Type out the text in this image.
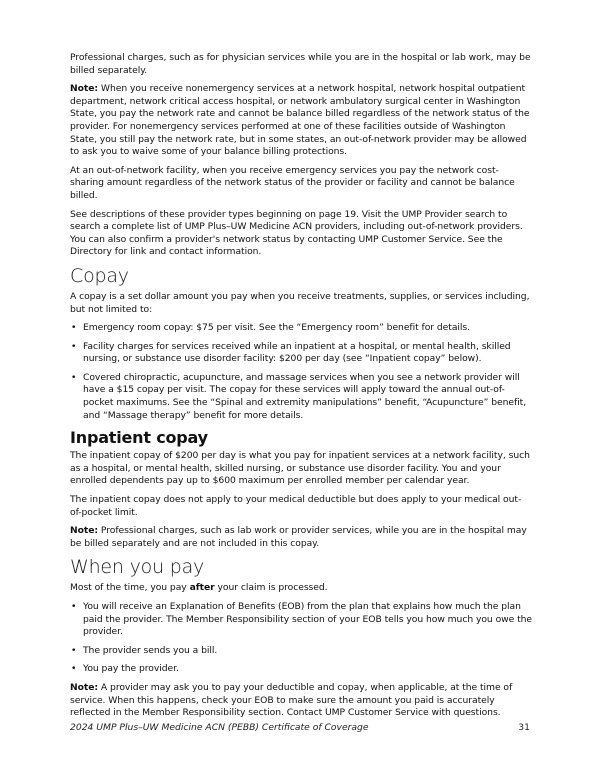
Professional charges, such as for physician services while you are in the hospital or lab work, may be billed separately.

Note: When you receive nonemergency services at a network hospital, network hospital outpatient department, network critical access hospital, or network ambulatory surgical center in Washington State, you pay the network rate and cannot be balance billed regardless of the network status of the provider. For nonemergency services performed at one of these facilities outside of Washington State, you still pay the network rate, but in some states, an out-of-network provider may be allowed to ask you to waive some of your balance billing protections.

At an out-of-network facility, when you receive emergency services you pay the network cost-sharing amount regardless of the network status of the provider or facility and cannot be balance billed.

See descriptions of these provider types beginning on page 19. Visit the UMP Provider search to search a complete list of UMP Plus–UW Medicine ACN providers, including out-of-network providers. You can also confirm a provider's network status by contacting UMP Customer Service. See the Directory for link and contact information.

Copay

A copay is a set dollar amount you pay when you receive treatments, supplies, or services including, but not limited to:

• Emergency room copay: $75 per visit. See the “Emergency room” benefit for details.
• Facility charges for services received while an inpatient at a hospital, or mental health, skilled nursing, or substance use disorder facility: $200 per day (see “Inpatient copay” below).
• Covered chiropractic, acupuncture, and massage services when you see a network provider will have a $15 copay per visit. The copay for these services will apply toward the annual out-of-pocket maximums. See the “Spinal and extremity manipulations” benefit, “Acupuncture” benefit, and “Massage therapy” benefit for more details.
Inpatient copay

The inpatient copay of $200 per day is what you pay for inpatient services at a network facility, such as a hospital, or mental health, skilled nursing, or substance use disorder facility. You and your enrolled dependents pay up to $600 maximum per enrolled member per calendar year.

The inpatient copay does not apply to your medical deductible but does apply to your medical out-of-pocket limit.

Note: Professional charges, such as lab work or provider services, while you are in the hospital may be billed separately and are not included in this copay.

When you pay

Most of the time, you pay after your claim is processed.

• You will receive an Explanation of Benefits (EOB) from the plan that explains how much the plan paid the provider. The Member Responsibility section of your EOB tells you how much you owe the provider.
• The provider sends you a bill.
• You pay the provider.

Note: A provider may ask you to pay your deductible and copay, when applicable, at the time of service. When this happens, check your EOB to make sure the amount you paid is accurately reflected in the Member Responsibility section. Contact UMP Customer Service with questions.

2024 UMP Plus–UW Medicine ACN (PEBB) Certificate of Coverage	31
